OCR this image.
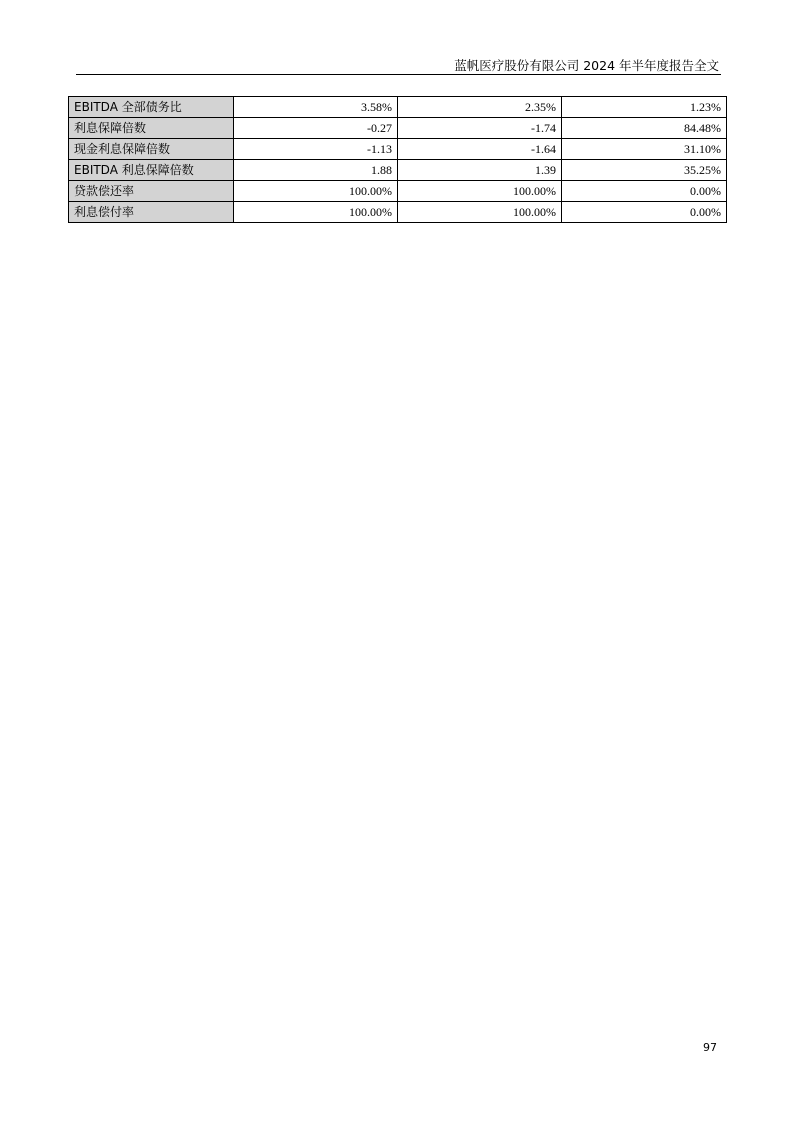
蓝帆医疗股份有限公司 2024 年半年度报告全文
EBITDA 全部债务比	3.58%	2.35%	1.23%
利息保障倍数	-0.27	-1.74	84.48%
现金利息保障倍数	-1.13	-1.64	31.10%
EBITDA 利息保障倍数	1.88	1.39	35.25%
贷款偿还率	100.00%	100.00%	0.00%
利息偿付率	100.00%	100.00%	0.00%
97
